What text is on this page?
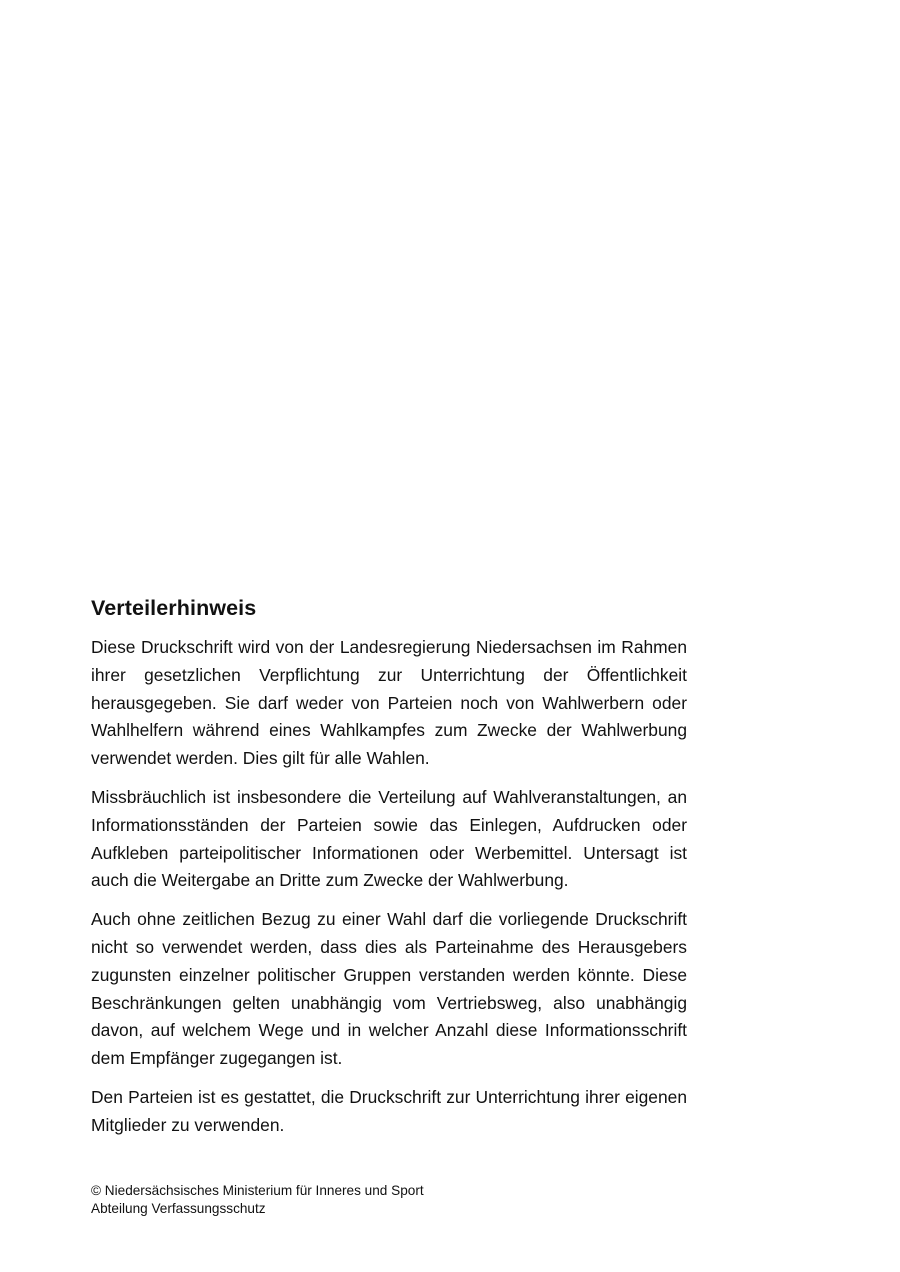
Verteilerhinweis

Diese Druckschrift wird von der Landesregierung Niedersachsen im Rahmen ihrer gesetzlichen Verpflichtung zur Unterrichtung der Öffentlichkeit herausgegeben. Sie darf weder von Parteien noch von Wahlwerbern oder Wahlhelfern während eines Wahlkampfes zum Zwecke der Wahlwerbung verwendet werden. Dies gilt für alle Wahlen.

Missbräuchlich ist insbesondere die Verteilung auf Wahlveranstaltungen, an Informationsständen der Parteien sowie das Einlegen, Aufdrucken oder Aufkleben parteipolitischer Informationen oder Werbemittel. Untersagt ist auch die Weitergabe an Dritte zum Zwecke der Wahlwerbung.

Auch ohne zeitlichen Bezug zu einer Wahl darf die vorliegende Druckschrift nicht so verwendet werden, dass dies als Parteinahme des Herausgebers zugunsten einzelner politischer Gruppen verstanden werden könnte. Diese Beschränkungen gelten unabhängig vom Vertriebsweg, also unabhängig davon, auf welchem Wege und in welcher Anzahl diese Informationsschrift dem Empfänger zugegangen ist.

Den Parteien ist es gestattet, die Druckschrift zur Unterrichtung ihrer eigenen Mitglieder zu verwenden.

© Niedersächsisches Ministerium für Inneres und Sport
Abteilung Verfassungsschutz
